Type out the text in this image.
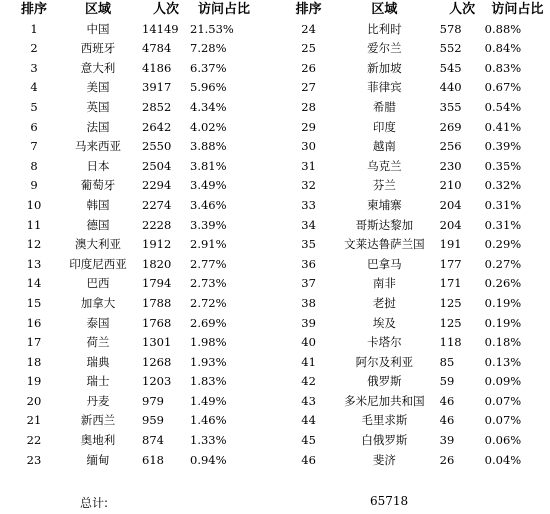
排序	区域	人次	访问占比
1	中国	14149	21.53%
2	西班牙	4784	7.28%
3	意大利	4186	6.37%
4	美国	3917	5.96%
5	英国	2852	4.34%
6	法国	2642	4.02%
7	马来西亚	2550	3.88%
8	日本	2504	3.81%
9	葡萄牙	2294	3.49%
10	韩国	2274	3.46%
11	德国	2228	3.39%
12	澳大利亚	1912	2.91%
13	印度尼西亚	1820	2.77%
14	巴西	1794	2.73%
15	加拿大	1788	2.72%
16	泰国	1768	2.69%
17	荷兰	1301	1.98%
18	瑞典	1268	1.93%
19	瑞士	1203	1.83%
20	丹麦	979	1.49%
21	新西兰	959	1.46%
22	奥地利	874	1.33%
23	缅甸	618	0.94%
排序	区域	人次	访问占比
24	比利时	578	0.88%
25	爱尔兰	552	0.84%
26	新加坡	545	0.83%
27	菲律宾	440	0.67%
28	希腊	355	0.54%
29	印度	269	0.41%
30	越南	256	0.39%
31	乌克兰	230	0.35%
32	芬兰	210	0.32%
33	柬埔寨	204	0.31%
34	哥斯达黎加	204	0.31%
35	文莱达鲁萨兰国	191	0.29%
36	巴拿马	177	0.27%
37	南非	171	0.26%
38	老挝	125	0.19%
39	埃及	125	0.19%
40	卡塔尔	118	0.18%
41	阿尔及利亚	85	0.13%
42	俄罗斯	59	0.09%
43	多米尼加共和国	46	0.07%
44	毛里求斯	46	0.07%
45	白俄罗斯	39	0.06%
46	斐济	26	0.04%
总计:	65718
